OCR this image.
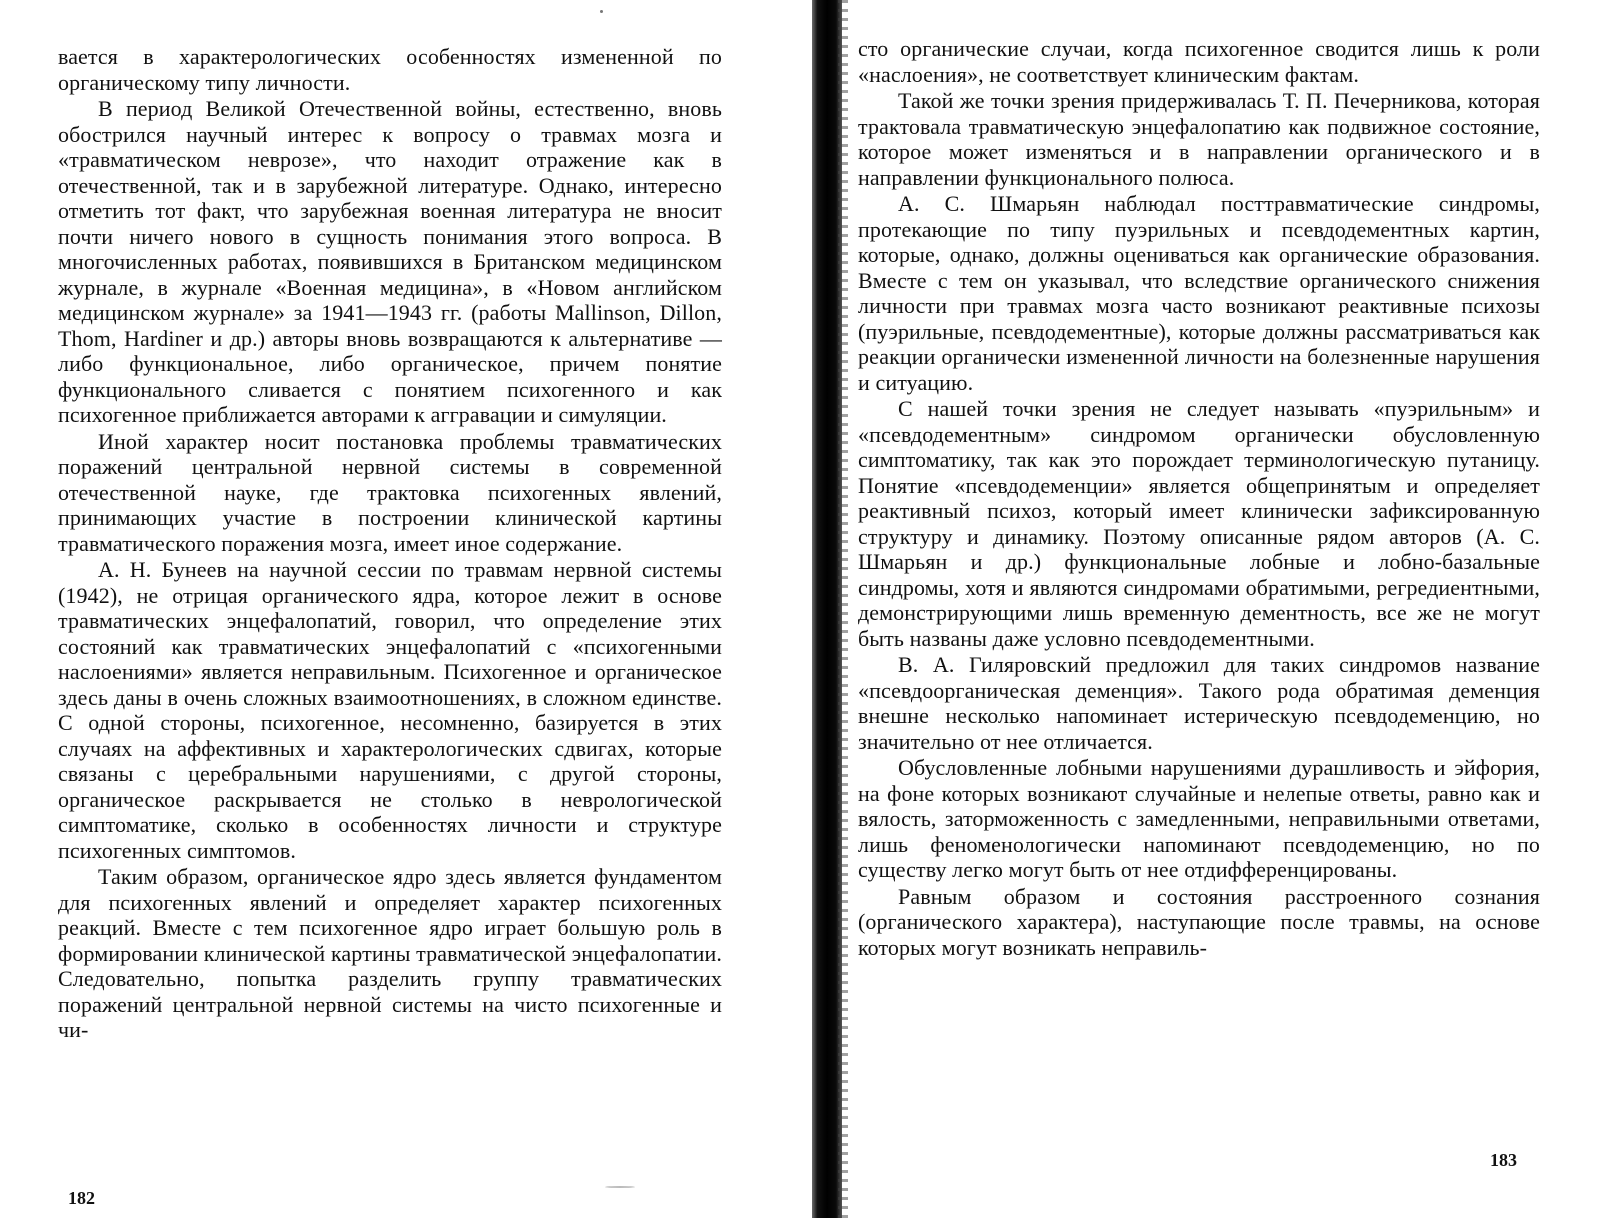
вается в характерологических особенностях измененной по органическому типу личности.

В период Великой Отечественной войны, естественно, вновь обострился научный интерес к вопросу о травмах мозга и «травматическом неврозе», что находит отражение как в отечественной, так и в зарубежной литературе. Однако, интересно отметить тот факт, что зарубежная военная литература не вносит почти ничего нового в сущность понимания этого вопроса. В многочисленных работах, появившихся в Британском медицинском журнале, в журнале «Военная медицина», в «Новом английском медицинском журнале» за 1941—1943 гг. (работы Mallinson, Dillon, Thom, Hardiner и др.) авторы вновь возвращаются к альтернативе — либо функциональное, либо органическое, причем понятие функционального сливается с понятием психогенного и как психогенное приближается авторами к аггравации и симуляции.

Иной характер носит постановка проблемы травматических поражений центральной нервной системы в современной отечественной науке, где трактовка психогенных явлений, принимающих участие в построении клинической картины травматического поражения мозга, имеет иное содержание.

А. Н. Бунеев на научной сессии по травмам нервной системы (1942), не отрицая органического ядра, которое лежит в основе травматических энцефалопатий, говорил, что определение этих состояний как травматических энцефалопатий с «психогенными наслоениями» является неправильным. Психогенное и органическое здесь даны в очень сложных взаимоотношениях, в сложном единстве. С одной стороны, психогенное, несомненно, базируется в этих случаях на аффективных и характерологических сдвигах, которые связаны с церебральными нарушениями, с другой стороны, органическое раскрывается не столько в неврологической симптоматике, сколько в особенностях личности и структуре психогенных симптомов.

Таким образом, органическое ядро здесь является фундаментом для психогенных явлений и определяет характер психогенных реакций. Вместе с тем психогенное ядро играет большую роль в формировании клинической картины травматической энцефалопатии. Следовательно, попытка разделить группу травматических поражений центральной нервной системы на чисто психогенные и чи-

182

сто органические случаи, когда психогенное сводится лишь к роли «наслоения», не соответствует клиническим фактам.

Такой же точки зрения придерживалась Т. П. Печерникова, которая трактовала травматическую энцефалопатию как подвижное состояние, которое может изменяться и в направлении органического и в направлении функционального полюса.

А. С. Шмарьян наблюдал посттравматические синдромы, протекающие по типу пуэрильных и псевдодементных картин, которые, однако, должны оцениваться как органические образования. Вместе с тем он указывал, что вследствие органического снижения личности при травмах мозга часто возникают реактивные психозы (пуэрильные, псевдодементные), которые должны рассматриваться как реакции органически измененной личности на болезненные нарушения и ситуацию.

С нашей точки зрения не следует называть «пуэрильным» и «псевдодементным» синдромом органически обусловленную симптоматику, так как это порождает терминологическую путаницу. Понятие «псевдодеменции» является общепринятым и определяет реактивный психоз, который имеет клинически зафиксированную структуру и динамику. Поэтому описанные рядом авторов (А. С. Шмарьян и др.) функциональные лобные и лобно-базальные синдромы, хотя и являются синдромами обратимыми, регредиентными, демонстрирующими лишь временную дементность, все же не могут быть названы даже условно псевдодементными.

В. А. Гиляровский предложил для таких синдромов название «псевдоорганическая деменция». Такого рода обратимая деменция внешне несколько напоминает истерическую псевдодеменцию, но значительно от нее отличается.

Обусловленные лобными нарушениями дурашливость и эйфория, на фоне которых возникают случайные и нелепые ответы, равно как и вялость, заторможенность с замедленными, неправильными ответами, лишь феноменологически напоминают псевдодеменцию, но по существу легко могут быть от нее отдифференцированы.

Равным образом и состояния расстроенного сознания (органического характера), наступающие после травмы, на основе которых могут возникать неправиль-

183
